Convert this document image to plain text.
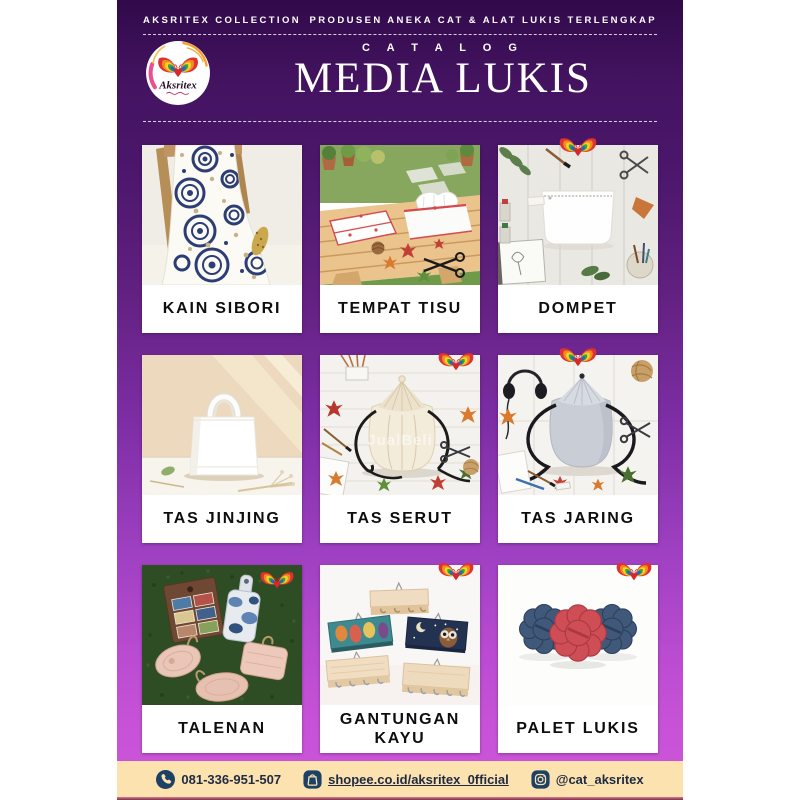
AKSRITEX COLLECTION PRODUSEN ANEKA CAT & ALAT LUKIS TERLENGKAP
Aksritex
C A T A L O G
MEDIA LUKIS
KAIN SIBORI	TEMPAT TISU	DOMPET
TAS JINJING
JualBeli
TAS SERUT	TAS JARING
TALENAN
GANTUNGAN KAYU
PALET LUKIS
081-336-951-507	shopee.co.id/aksritex_0fficial	@cat_aksritex
